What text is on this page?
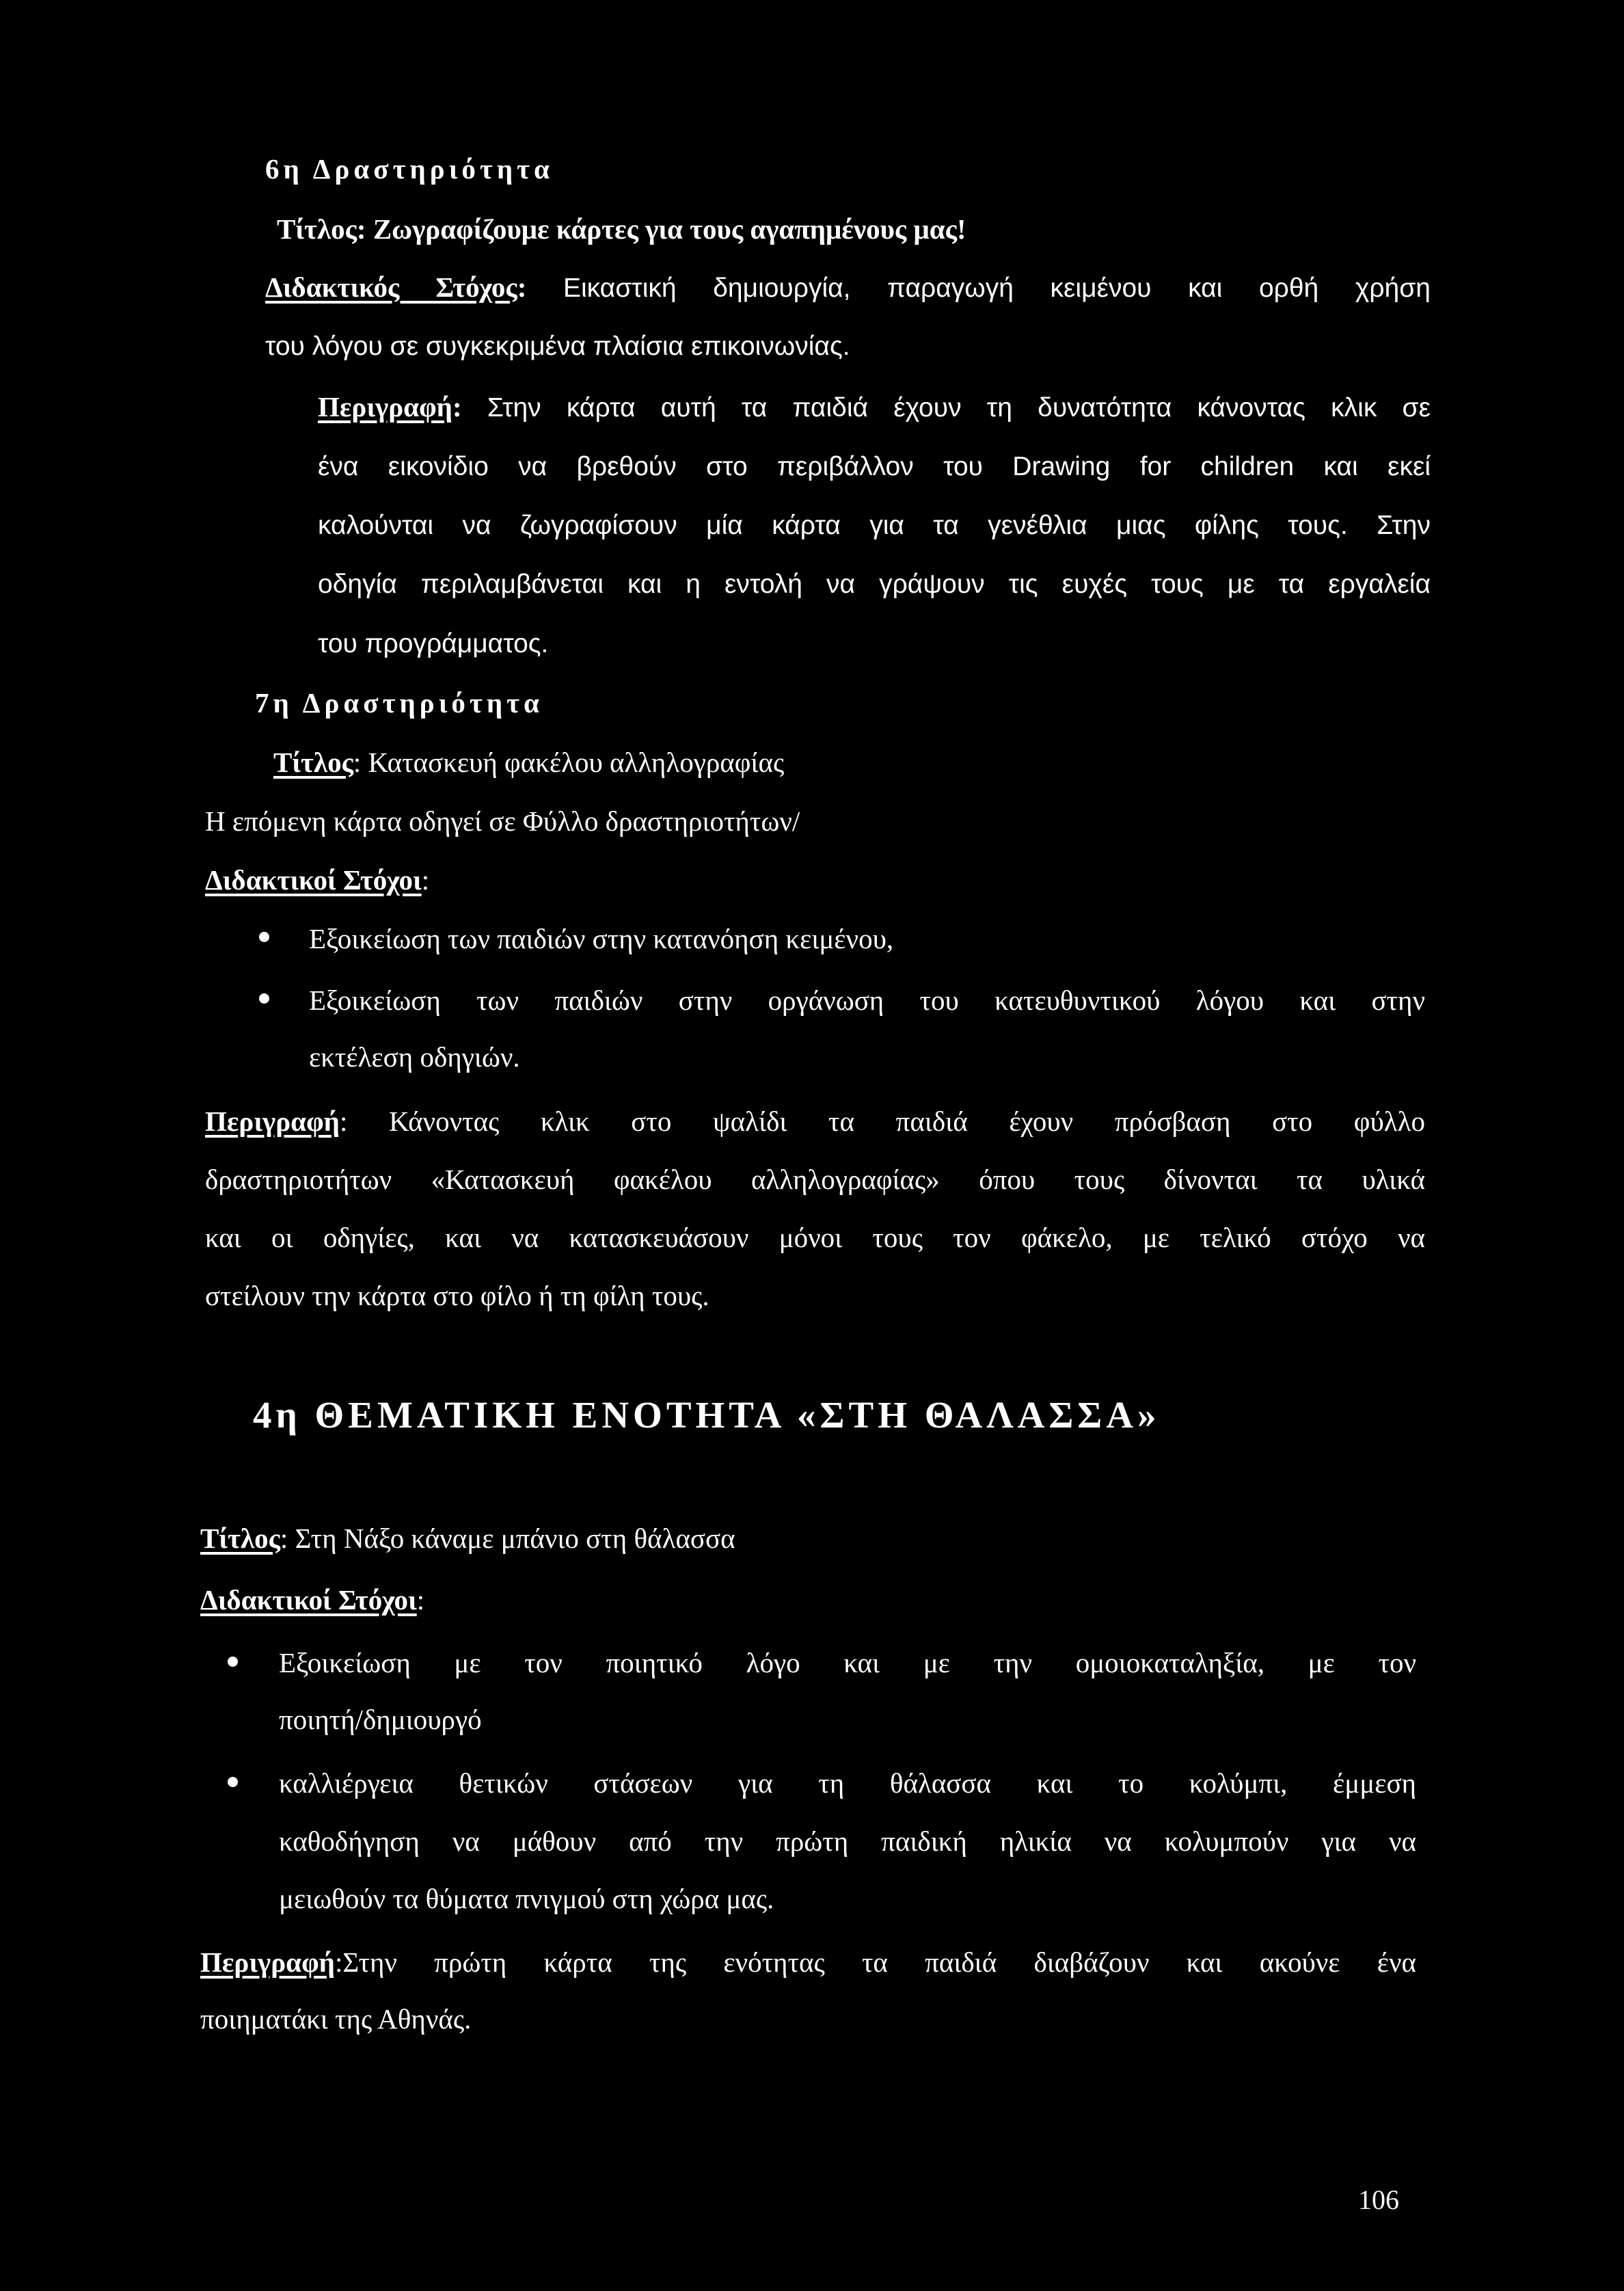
6η Δραστηριότητα

Τίτλος: Ζωγραφίζουμε κάρτες για τους αγαπημένους μας!

Διδακτικός Στόχος: Εικαστική δημιουργία, παραγωγή κειμένου και ορθή χρήση

του λόγου σε συγκεκριμένα πλαίσια επικοινωνίας.

Περιγραφή: Στην κάρτα αυτή τα παιδιά έχουν τη δυνατότητα κάνοντας κλικ σε

ένα εικονίδιο να βρεθούν στο περιβάλλον του Drawing for children και εκεί

καλούνται να ζωγραφίσουν μία κάρτα για τα γενέθλια μιας φίλης τους. Στην

οδηγία περιλαμβάνεται και η εντολή να γράψουν τις ευχές τους με τα εργαλεία

του προγράμματος.

7η Δραστηριότητα

Τίτλος: Κατασκευή φακέλου αλληλογραφίας

Η επόμενη κάρτα οδηγεί σε Φύλλο δραστηριοτήτων/

Διδακτικοί Στόχοι:

Εξοικείωση των παιδιών στην κατανόηση κειμένου,

Εξοικείωση των παιδιών στην οργάνωση του κατευθυντικού λόγου και στην

εκτέλεση οδηγιών.

Περιγραφή: Κάνοντας κλικ στο ψαλίδι τα παιδιά έχουν πρόσβαση στο φύλλο

δραστηριοτήτων «Κατασκευή φακέλου αλληλογραφίας» όπου τους δίνονται τα υλικά

και οι οδηγίες, και να κατασκευάσουν μόνοι τους τον φάκελο, με τελικό στόχο να

στείλουν την κάρτα στο φίλο ή τη φίλη τους.

4η ΘΕΜΑΤΙΚΗ ΕΝΟΤΗΤΑ «ΣΤΗ ΘΑΛΑΣΣΑ»

Τίτλος: Στη Νάξο κάναμε μπάνιο στη θάλασσα

Διδακτικοί Στόχοι:

Εξοικείωση με τον ποιητικό λόγο και με την ομοιοκαταληξία, με τον

ποιητή/δημιουργό

καλλιέργεια θετικών στάσεων για τη θάλασσα και το κολύμπι, έμμεση

καθοδήγηση να μάθουν από την πρώτη παιδική ηλικία να κολυμπούν για να

μειωθούν τα θύματα πνιγμού στη χώρα μας.

Περιγραφή:Στην πρώτη κάρτα της ενότητας τα παιδιά διαβάζουν και ακούνε ένα

ποιηματάκι της Αθηνάς.

106
